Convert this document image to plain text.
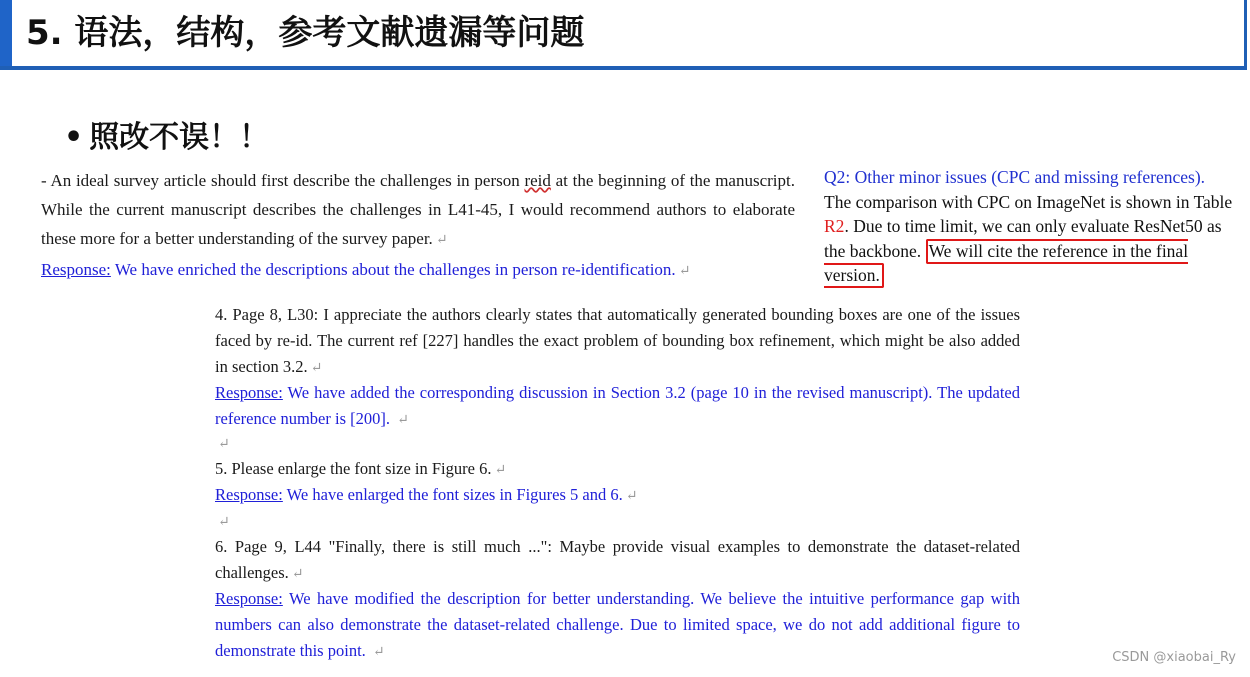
5. 语法，结构，参考文献遗漏等问题
• 照改不误！！

- An ideal survey article should first describe the challenges in person reid at the beginning of the manuscript. While the current manuscript describes the challenges in L41-45, I would recommend authors to elaborate these more for a better understanding of the survey paper. ↵
Response: We have enriched the descriptions about the challenges in person re-identification. ↵

Q2: Other minor issues (CPC and missing references).
The comparison with CPC on ImageNet is shown in Table R2. Due to time limit, we can only evaluate ResNet50 as the backbone. We will cite the reference in the final version.

4. Page 8, L30: I appreciate the authors clearly states that automatically generated bounding boxes are one of the issues faced by re-id. The current ref [227] handles the exact problem of bounding box refinement, which might be also added in section 3.2. ↵

Response: We have added the corresponding discussion in Section 3.2 (page 10 in the revised manuscript). The updated reference number is [200]. ↵

↵

5. Please enlarge the font size in Figure 6. ↵

Response: We have enlarged the font sizes in Figures 5 and 6. ↵

↵

6. Page 9, L44 "Finally, there is still much ...": Maybe provide visual examples to demonstrate the dataset-related challenges. ↵

Response: We have modified the description for better understanding. We believe the intuitive performance gap with numbers can also demonstrate the dataset-related challenge. Due to limited space, we do not add additional figure to demonstrate this point. ↵	CSDN @xiaobai_Ry
